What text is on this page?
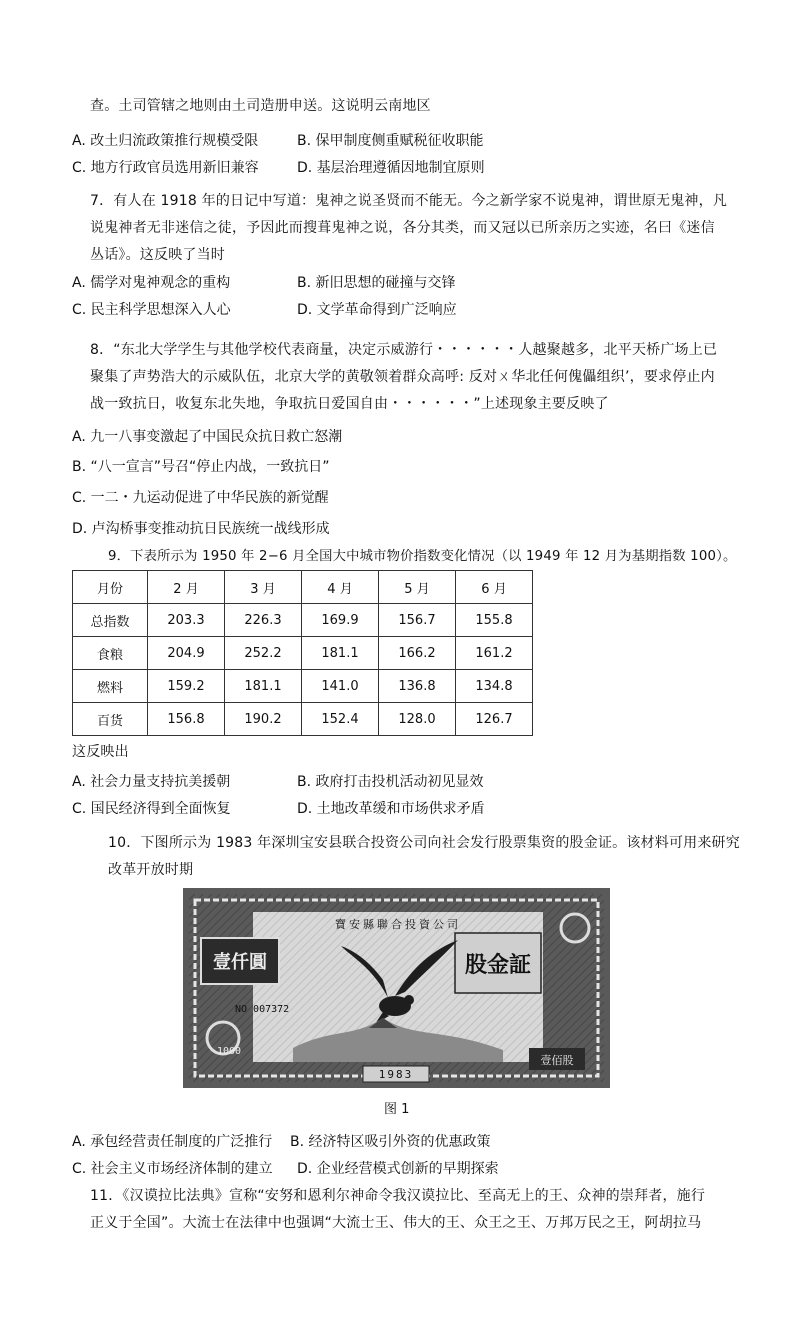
查。土司管辖之地则由土司造册申送。这说明云南地区
A. 改土归流政策推行规模受限	B. 保甲制度侧重赋税征收职能
C. 地方行政官员选用新旧兼容	D. 基层治理遵循因地制宜原则
7．有人在 1918 年的日记中写道：鬼神之说圣贤而不能无。今之新学家不说鬼神，谓世原无鬼神，凡
说鬼神者无非迷信之徒，予因此而搜葺鬼神之说，各分其类，而又冠以已所亲历之实迹，名曰《迷信
丛话》。这反映了当时
A. 儒学对鬼神观念的重构	B. 新旧思想的碰撞与交锋
C. 民主科学思想深入人心	D. 文学革命得到广泛响应
8．“东北大学学生与其他学校代表商量，决定示威游行・・・・・・人越聚越多，北平天桥广场上已
聚集了声势浩大的示威队伍，北京大学的黄敬领着群众高呼: 反对ㄨ华北任何傀儡组织’，要求停止内
战一致抗日，收复东北失地，争取抗日爱国自由・・・・・・”上述现象主要反映了
A. 九一八事变激起了中国民众抗日救亡怒潮
B. “八一宣言”号召“停止内战，一致抗日”
C. 一二・九运动促进了中华民族的新觉醒
D. 卢沟桥事变推动抗日民族统一战线形成
9．下表所示为 1950 年 2−6 月全国大中城市物价指数变化情况（以 1949 年 12 月为基期指数 100）。
月份	2 月	3 月	4 月	5 月	6 月
总指数	203.3	226.3	169.9	156.7	155.8
食粮	204.9	252.2	181.1	166.2	161.2
燃料	159.2	181.1	141.0	136.8	134.8
百货	156.8	190.2	152.4	128.0	126.7
这反映出
A. 社会力量支持抗美援朝	B. 政府打击投机活动初见显效
C. 国民经济得到全面恢复	D. 土地改革缓和市场供求矛盾
10．下图所示为 1983 年深圳宝安县联合投资公司向社会发行股票集资的股金证。该材料可用来研究
改革开放时期
寶安縣聯合投資公司
股金証
壹仟圓
NO 007372
1000
1983
壹佰股
图 1
A. 承包经营责任制度的广泛推行 B. 经济特区吸引外资的优惠政策
C. 社会主义市场经济体制的建立 D. 企业经营模式创新的早期探索
11．《汉谟拉比法典》宣称“安努和恩利尔神命令我汉谟拉比、至高无上的王、众神的崇拜者，施行
正义于全国”。大流士在法律中也强调“大流士王、伟大的王、众王之王、万邦万民之王，阿胡拉马
